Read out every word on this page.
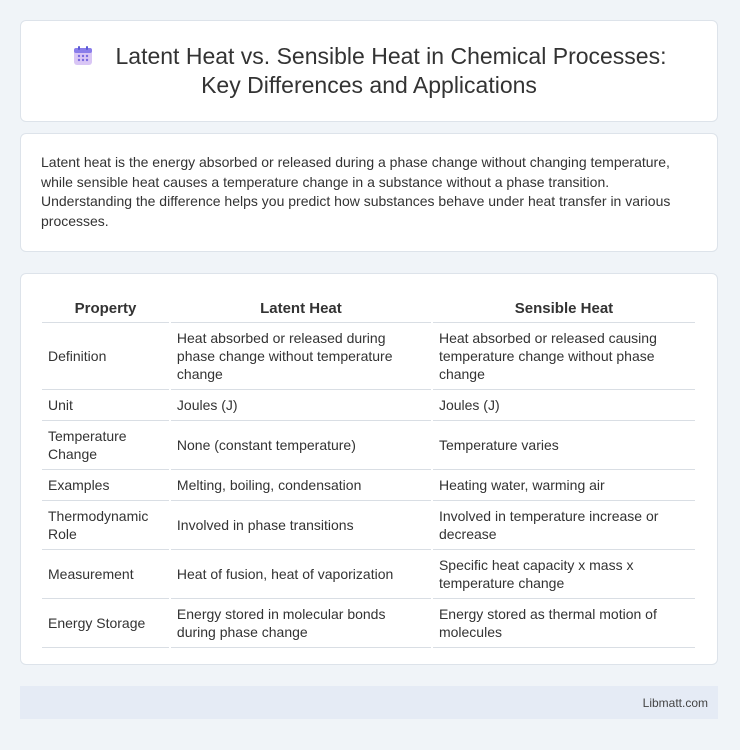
Latent Heat vs. Sensible Heat in Chemical Processes: Key Differences and Applications

Latent heat is the energy absorbed or released during a phase change without changing temperature, while sensible heat causes a temperature change in a substance without a phase transition. Understanding the difference helps you predict how substances behave under heat transfer in various processes.

Property	Latent Heat	Sensible Heat
Definition	Heat absorbed or released during phase change without temperature change	Heat absorbed or released causing temperature change without phase change
Unit	Joules (J)	Joules (J)
Temperature Change	None (constant temperature)	Temperature varies
Examples	Melting, boiling, condensation	Heating water, warming air
Thermodynamic Role	Involved in phase transitions	Involved in temperature increase or decrease
Measurement	Heat of fusion, heat of vaporization	Specific heat capacity x mass x temperature change
Energy Storage	Energy stored in molecular bonds during phase change	Energy stored as thermal motion of molecules
Libmatt.com
